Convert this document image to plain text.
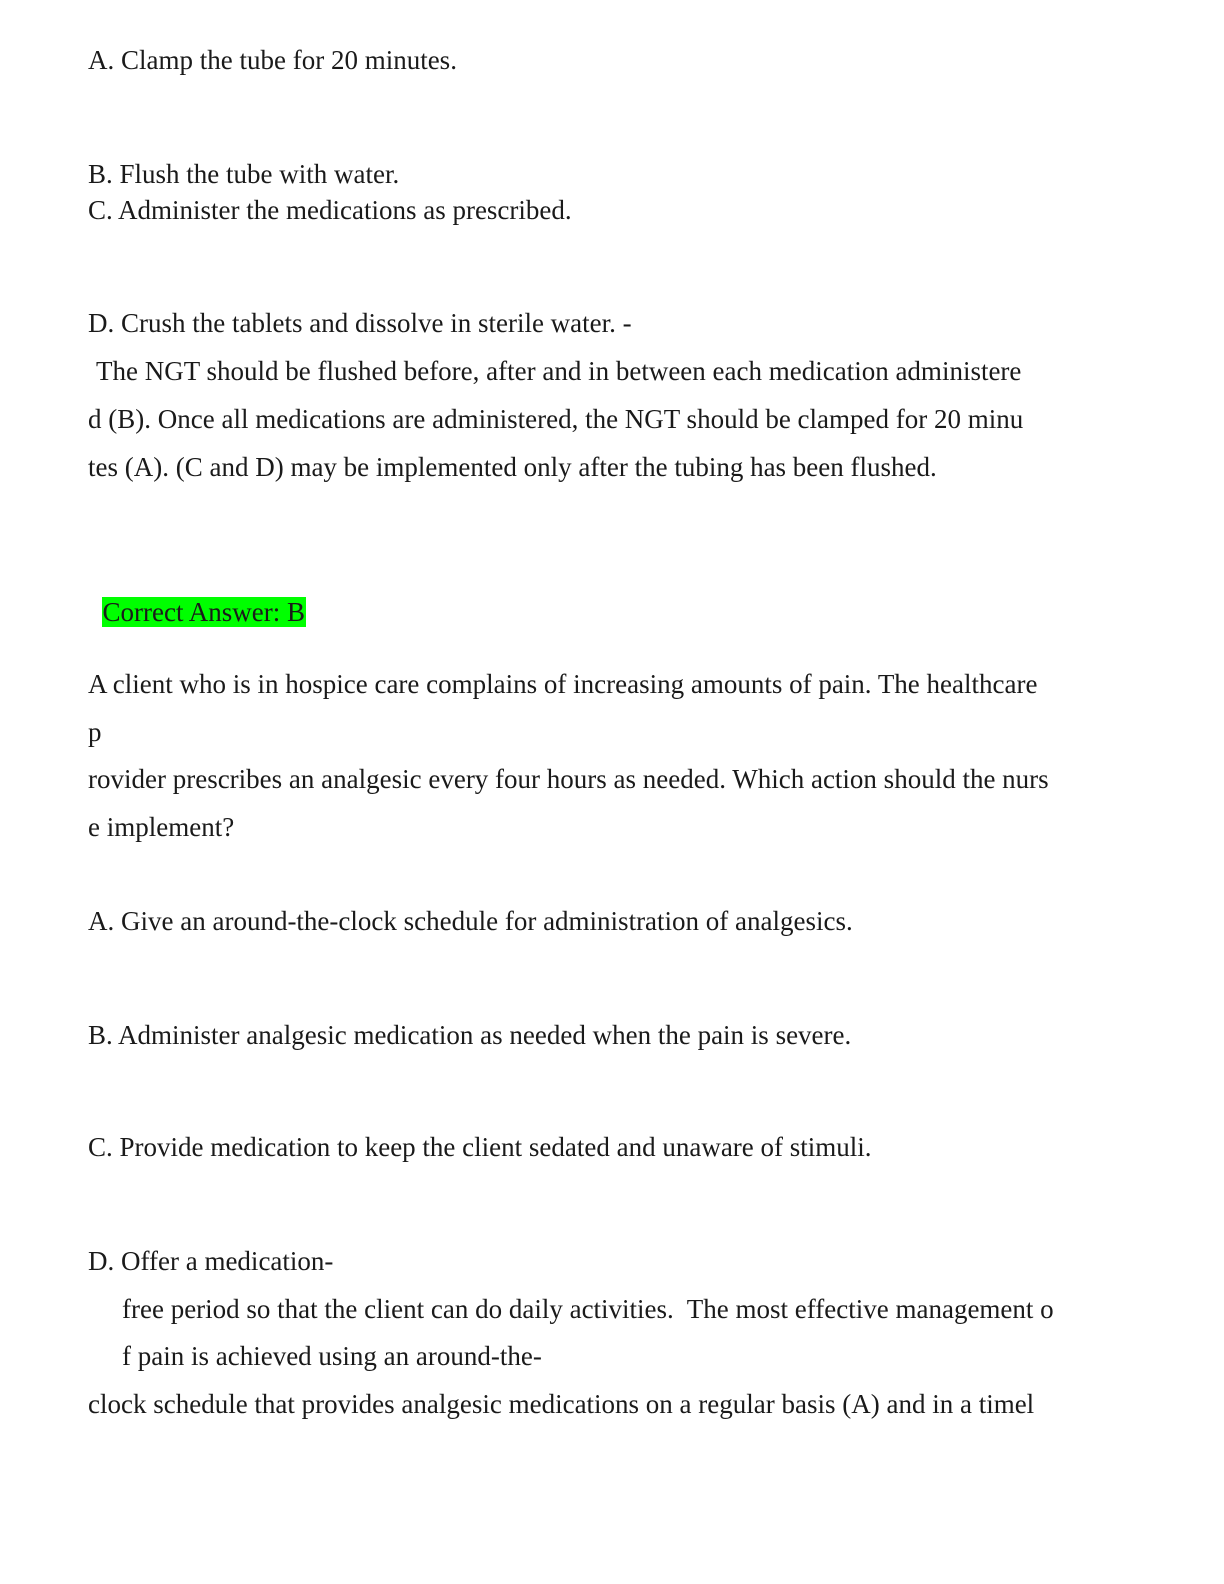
A. Clamp the tube for 20 minutes.
B. Flush the tube with water.
C. Administer the medications as prescribed.
D. Crush the tablets and dissolve in sterile water. -
The NGT should be flushed before, after and in between each medication administere
d (B). Once all medications are administered, the NGT should be clamped for 20 minu
tes (A). (C and D) may be implemented only after the tubing has been flushed.

Correct Answer: B

A client who is in hospice care complains of increasing amounts of pain. The healthcare
p
rovider prescribes an analgesic every four hours as needed. Which action should the nurs
e implement?
A. Give an around-the-clock schedule for administration of analgesics.
B. Administer analgesic medication as needed when the pain is severe.
C. Provide medication to keep the client sedated and unaware of stimuli.
D. Offer a medication-
free period so that the client can do daily activities.  The most effective management o
f pain is achieved using an around-the-
clock schedule that provides analgesic medications on a regular basis (A) and in a timel
